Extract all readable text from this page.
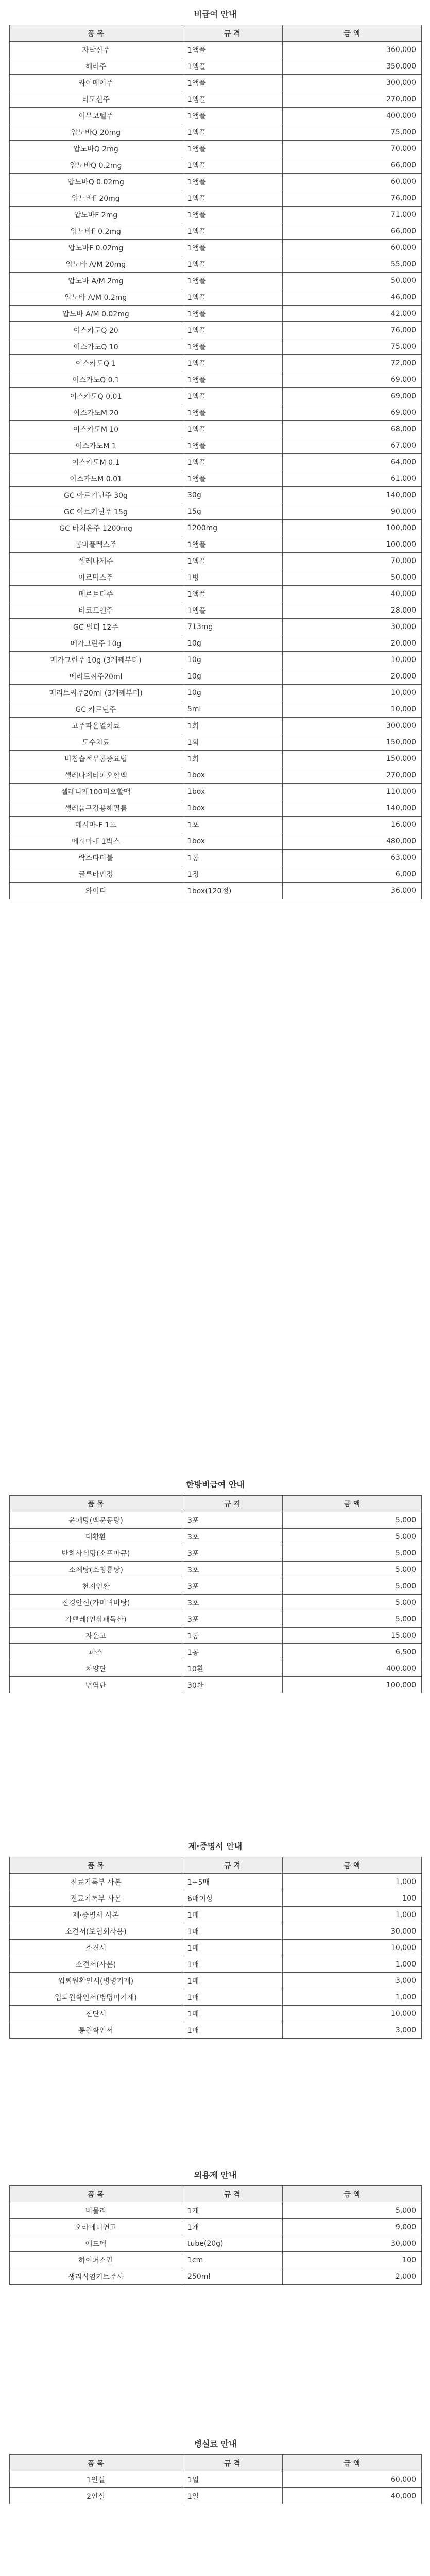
비급여 안내
품 목	규 격	금 액
자닥신주	1앰플	360,000
헤리주	1앰플	350,000
싸이메어주	1앰플	300,000
티모신주	1앰플	270,000
이뮤코텔주	1앰플	400,000
압노바Q 20mg	1앰플	75,000
압노바Q 2mg	1앰플	70,000
압노바Q 0.2mg	1앰플	66,000
압노바Q 0.02mg	1앰플	60,000
압노바F 20mg	1앰플	76,000
압노바F 2mg	1앰플	71,000
압노바F 0.2mg	1앰플	66,000
압노바F 0.02mg	1앰플	60,000
압노바 A/M 20mg	1앰플	55,000
압노바 A/M 2mg	1앰플	50,000
압노바 A/M 0.2mg	1앰플	46,000
압노바 A/M 0.02mg	1앰플	42,000
이스카도Q 20	1앰플	76,000
이스카도Q 10	1앰플	75,000
이스카도Q 1	1앰플	72,000
이스카도Q 0.1	1앰플	69,000
이스카도Q 0.01	1앰플	69,000
이스카도M 20	1앰플	69,000
이스카도M 10	1앰플	68,000
이스카도M 1	1앰플	67,000
이스카도M 0.1	1앰플	64,000
이스카도M 0.01	1앰플	61,000
GC 아르기닌주 30g	30g	140,000
GC 아르기닌주 15g	15g	90,000
GC 타치온주 1200mg	1200mg	100,000
콤비플렉스주	1앰플	100,000
셀레나제주	1앰플	70,000
아르믹스주	1병	50,000
메르트디주	1앰플	40,000
비코트엔주	1앰플	28,000
GC 멀티 12주	713mg	30,000
메가그린주 10g	10g	20,000
메가그린주 10g (3개째부터)	10g	10,000
메리트씨주20ml	10g	20,000
메리트씨주20ml (3개째부터)	10g	10,000
GC 카르틴주	5ml	10,000
고주파온열치료	1회	300,000
도수치료	1회	150,000
비침습적무통증요법	1회	150,000
셀레나제티피오할맥	1box	270,000
셀레나제100퍼오할맥	1box	110,000
셀레늄구강용해필름	1box	140,000
메시마-F 1포	1포	16,000
메시마-F 1박스	1box	480,000
락스타더블	1통	63,000
글루타민정	1정	6,000
와이디	1box(120정)	36,000
한방비급여 안내
품 목	규 격	금 액
윤폐탕(맥문동탕)	3포	5,000
대황환	3포	5,000
반하사심탕(소프마큐)	3포	5,000
소체탕(소청룡탕)	3포	5,000
천지인환	3포	5,000
진경안신(가미귀비탕)	3포	5,000
가쁘레(인삼패독산)	3포	5,000
자운고	1통	15,000
파스	1봉	6,500
치양단	10환	400,000
면역단	30환	100,000
제·증명서 안내
품 목	규 격	금 액
진료기록부 사본	1~5매	1,000
진료기록부 사본	6매이상	100
제·증명서 사본	1매	1,000
소견서(보험회사용)	1매	30,000
소견서	1매	10,000
소견서(사본)	1매	1,000
입퇴원확인서(병명기재)	1매	3,000
입퇴원확인서(병명미기재)	1매	1,000
진단서	1매	10,000
통원확인서	1매	3,000
외용제 안내
품 목	규 격	금 액
버물리	1개	5,000
오라메디연고	1개	9,000
에드덱	tube(20g)	30,000
하이퍼스킨	1cm	100
생리식염키트주사	250ml	2,000
병실료 안내
품 목	규 격	금 액
1인실	1일	60,000
2인실	1일	40,000
